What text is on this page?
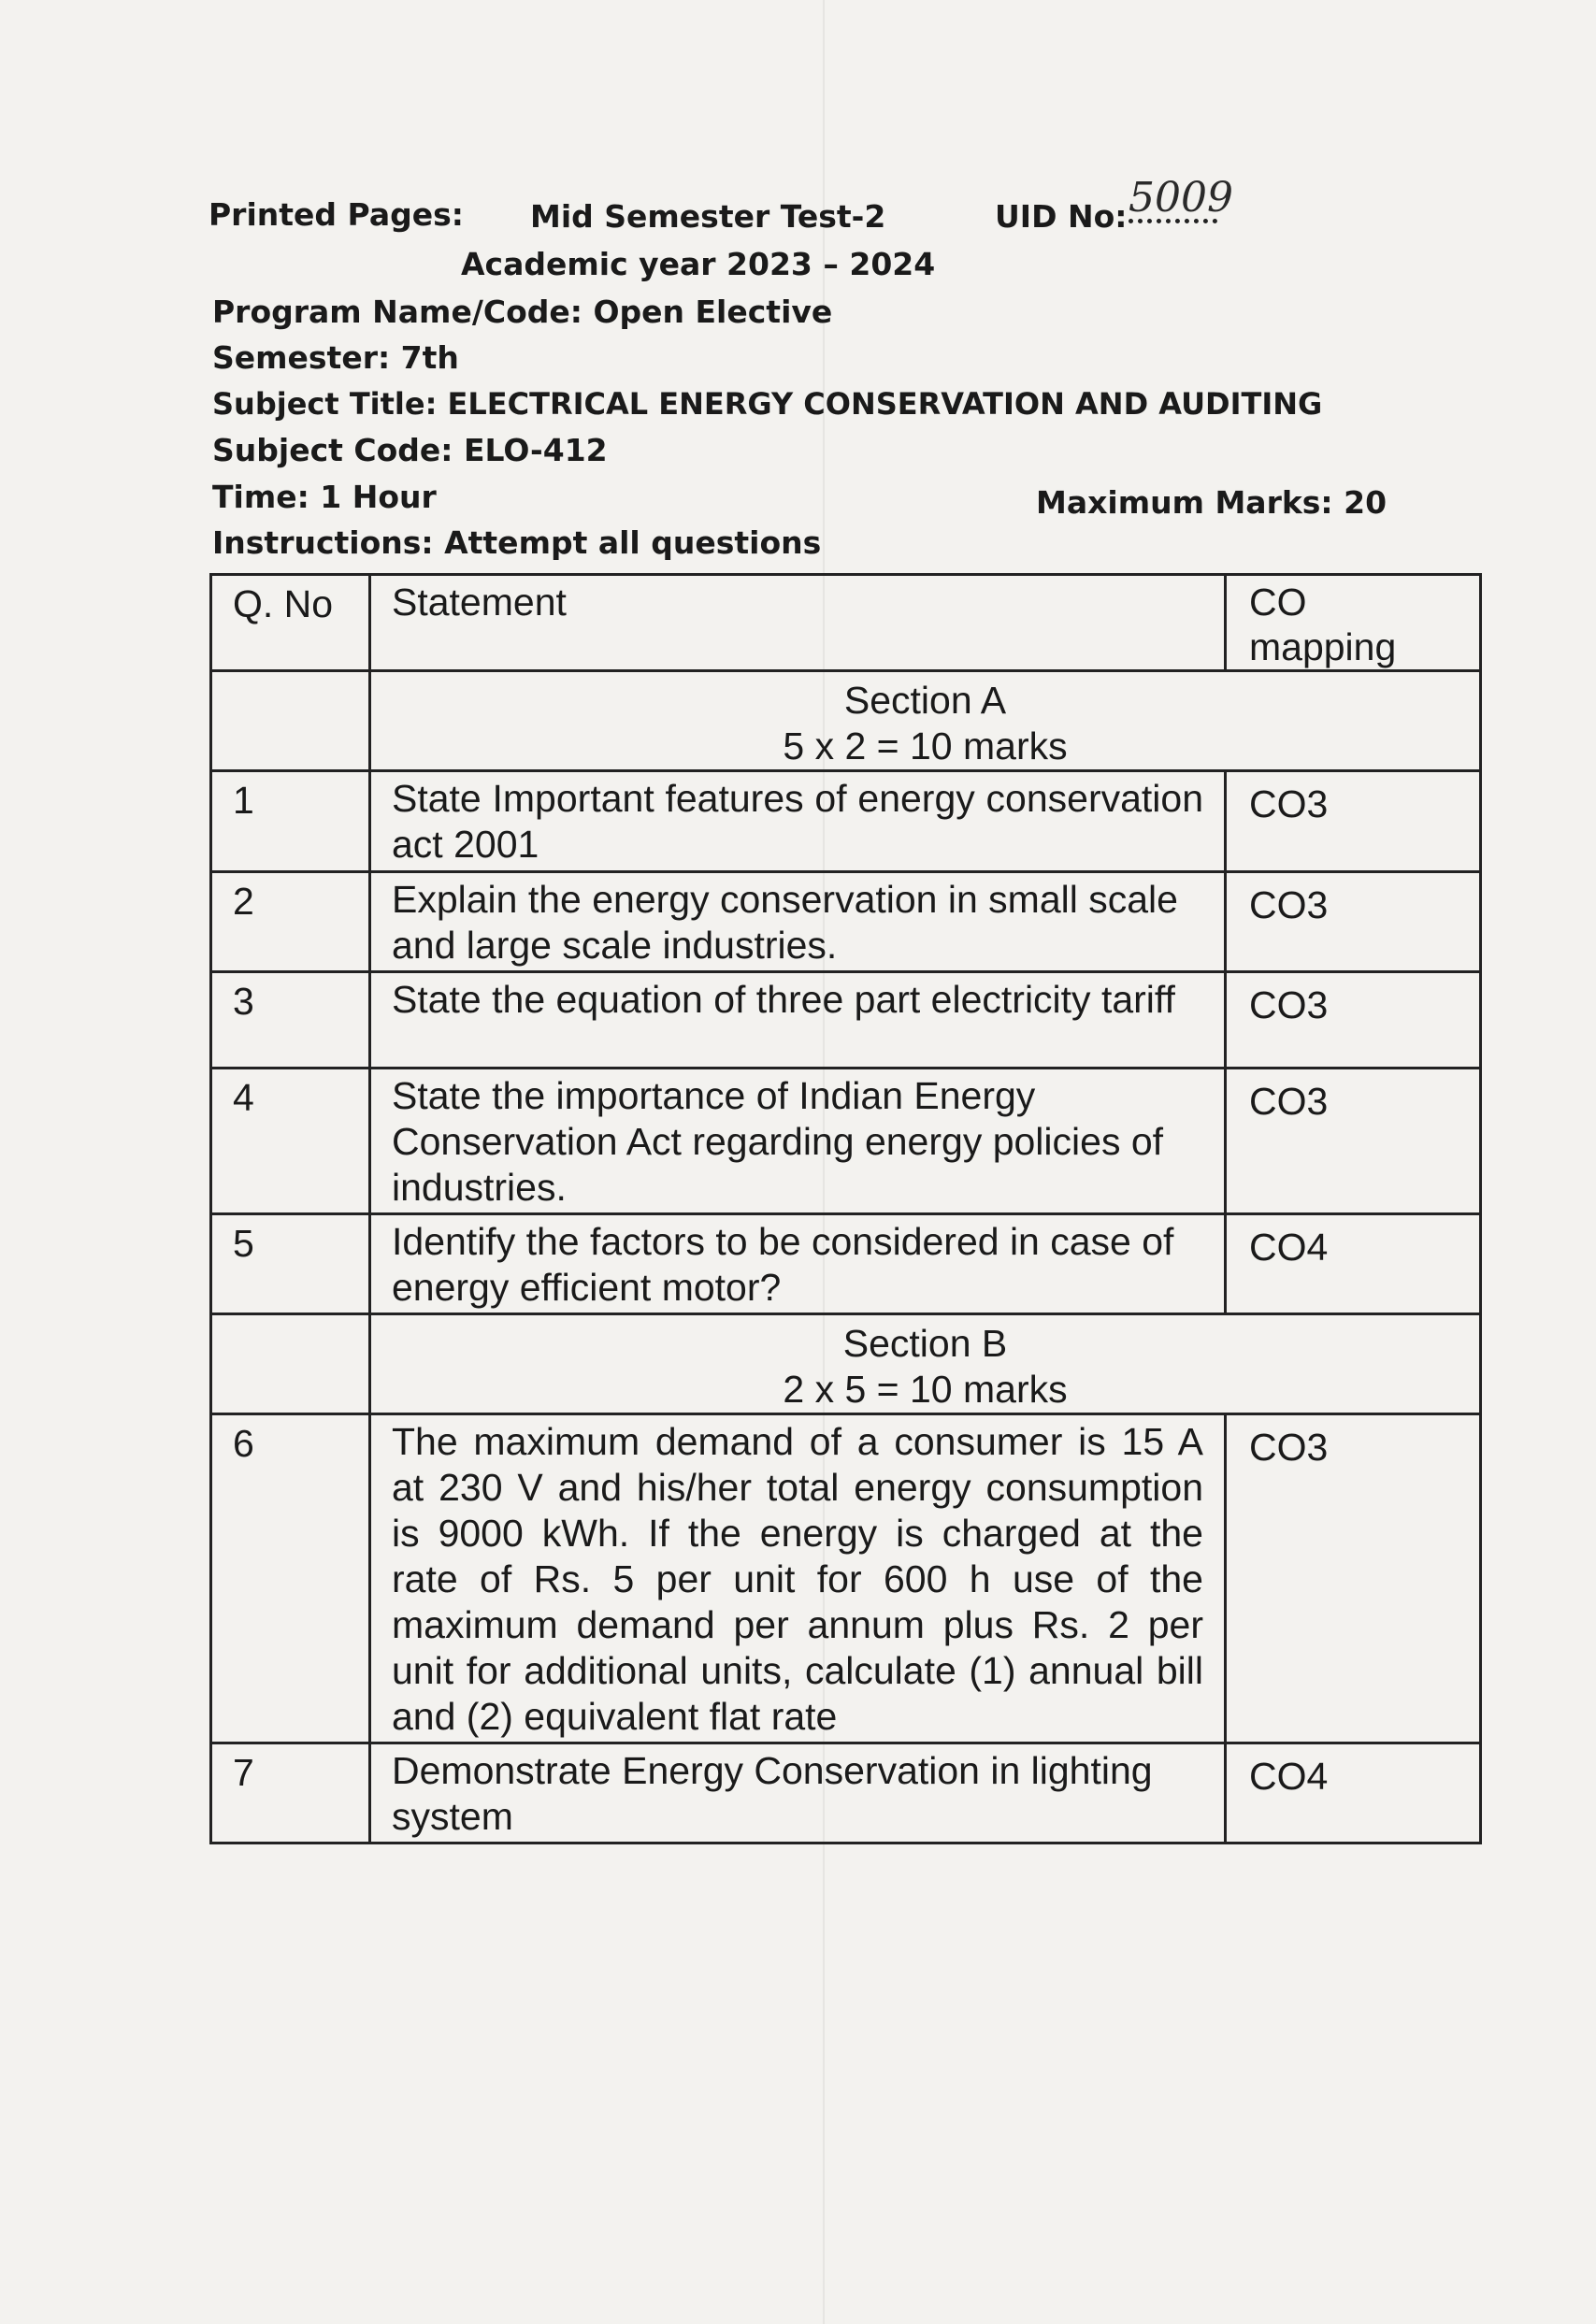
Printed Pages: Mid Semester Test-2	UID No: 5009
Academic year 2023 – 2024
Program Name/Code: Open Elective
Semester: 7th
Subject Title: ELECTRICAL ENERGY CONSERVATION AND AUDITING
Subject Code: ELO-412
Time: 1 Hour	Maximum Marks: 20
Instructions: Attempt all questions
Q. No	Statement	CO
mapping

	Section A
5 x 2 = 10 marks	

1	State Important features of energy conservation act 2001	CO3
2	Explain the energy conservation in small scale and large scale industries.	CO3
3	State the equation of three part electricity tariff	CO3
4	State the importance of Indian Energy Conservation Act regarding energy policies of industries.	CO3
5	Identify the factors to be considered in case of energy efficient motor?	CO4

	Section B
2 x 5 = 10 marks	

6	The maximum demand of a consumer is 15 A at 230 V and his/her total energy consumption is 9000 kWh. If the energy is charged at the rate of Rs. 5 per unit for 600 h use of the maximum demand per annum plus Rs. 2 per unit for additional units, calculate (1) annual bill and (2) equivalent flat rate	CO3
7	Demonstrate Energy Conservation in lighting system	CO4
